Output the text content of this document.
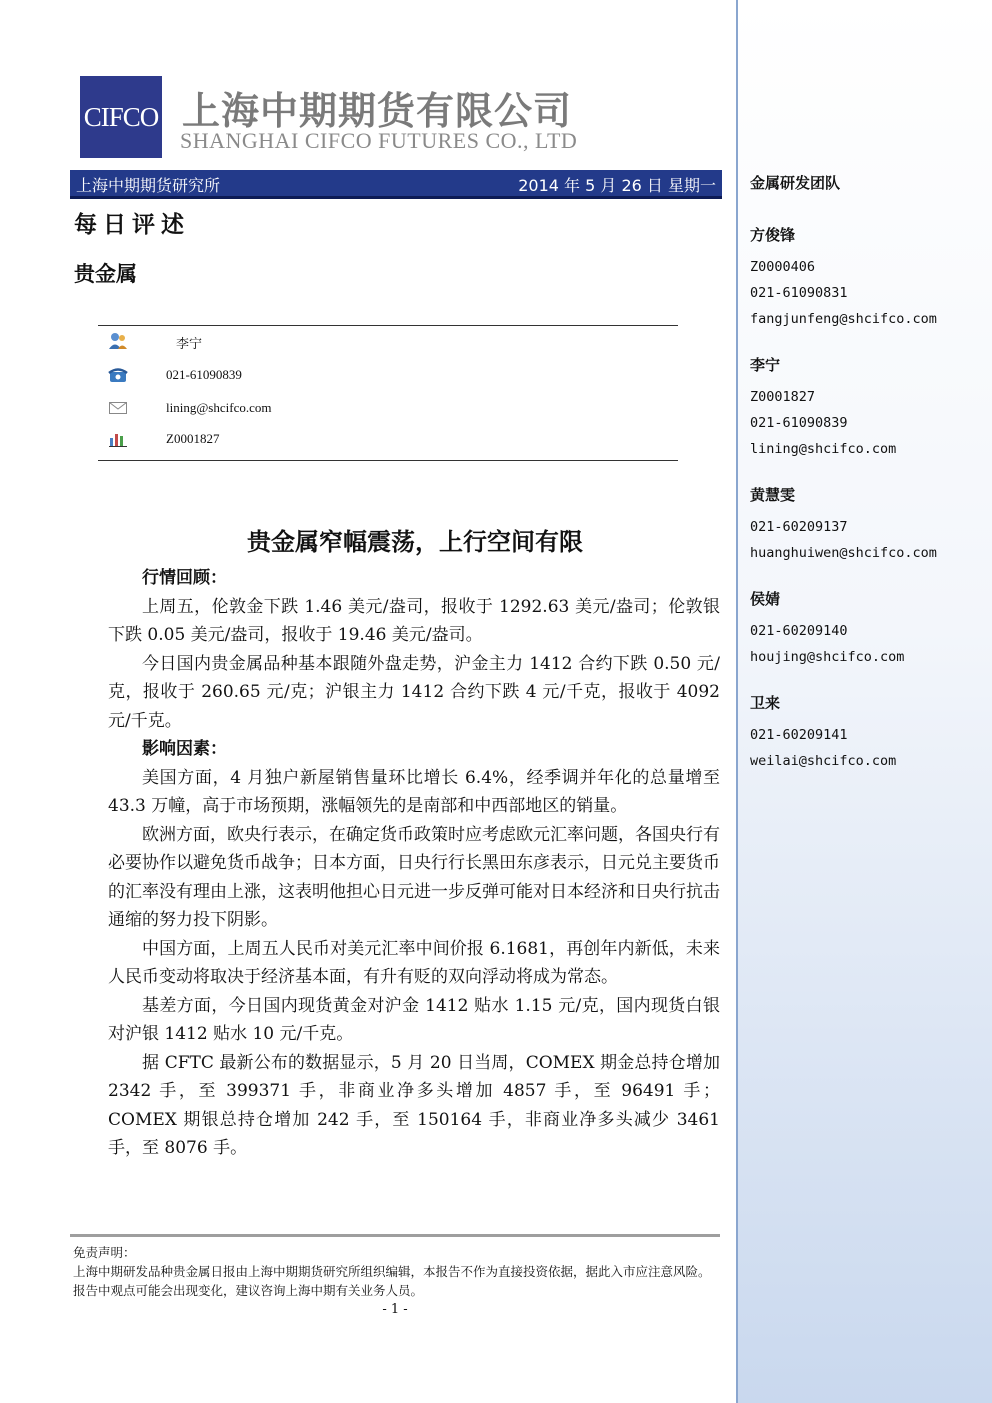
CIFCO 上海中期期货有限公司
SHANGHAI CIFCO FUTURES CO., LTD
上海中期期货研究所	2014 年 5 月 26 日 星期一
每日评述
贵金属
李宁
021-61090839
lining@shcifco.com
Z0001827
贵金属窄幅震荡，上行空间有限

行情回顾：

上周五，伦敦金下跌 1.46 美元/盎司，报收于 1292.63 美元/盎司；伦敦银下跌 0.05 美元/盎司，报收于 19.46 美元/盎司。

今日国内贵金属品种基本跟随外盘走势，沪金主力 1412 合约下跌 0.50 元/克，报收于 260.65 元/克；沪银主力 1412 合约下跌 4 元/千克，报收于 4092 元/千克。

影响因素：

美国方面，4 月独户新屋销售量环比增长 6.4%，经季调并年化的总量增至 43.3 万幢，高于市场预期，涨幅领先的是南部和中西部地区的销量。

欧洲方面，欧央行表示，在确定货币政策时应考虑欧元汇率问题，各国央行有必要协作以避免货币战争；日本方面，日央行行长黑田东彦表示，日元兑主要货币的汇率没有理由上涨，这表明他担心日元进一步反弹可能对日本经济和日央行抗击通缩的努力投下阴影。

中国方面，上周五人民币对美元汇率中间价报 6.1681，再创年内新低，未来人民币变动将取决于经济基本面，有升有贬的双向浮动将成为常态。

基差方面，今日国内现货黄金对沪金 1412 贴水 1.15 元/克，国内现货白银对沪银 1412 贴水 10 元/千克。

据 CFTC 最新公布的数据显示，5 月 20 日当周，COMEX 期金总持仓增加 2342 手，至 399371 手，非商业净多头增加 4857 手，至 96491 手；COMEX 期银总持仓增加 242 手，至 150164 手，非商业净多头减少 3461 手，至 8076 手。

免责声明：
上海中期研发品种贵金属日报由上海中期期货研究所组织编辑，本报告不作为直接投资依据，据此入市应注意风险。报告中观点可能会出现变化，建议咨询上海中期有关业务人员。
- 1 -
金属研发团队
方俊锋
Z0000406
021-61090831
fangjunfeng@shcifco.com
李宁
Z0001827
021-61090839
lining@shcifco.com
黄慧雯
021-60209137
huanghuiwen@shcifco.com
侯婧
021-60209140
houjing@shcifco.com
卫来
021-60209141
weilai@shcifco.com
